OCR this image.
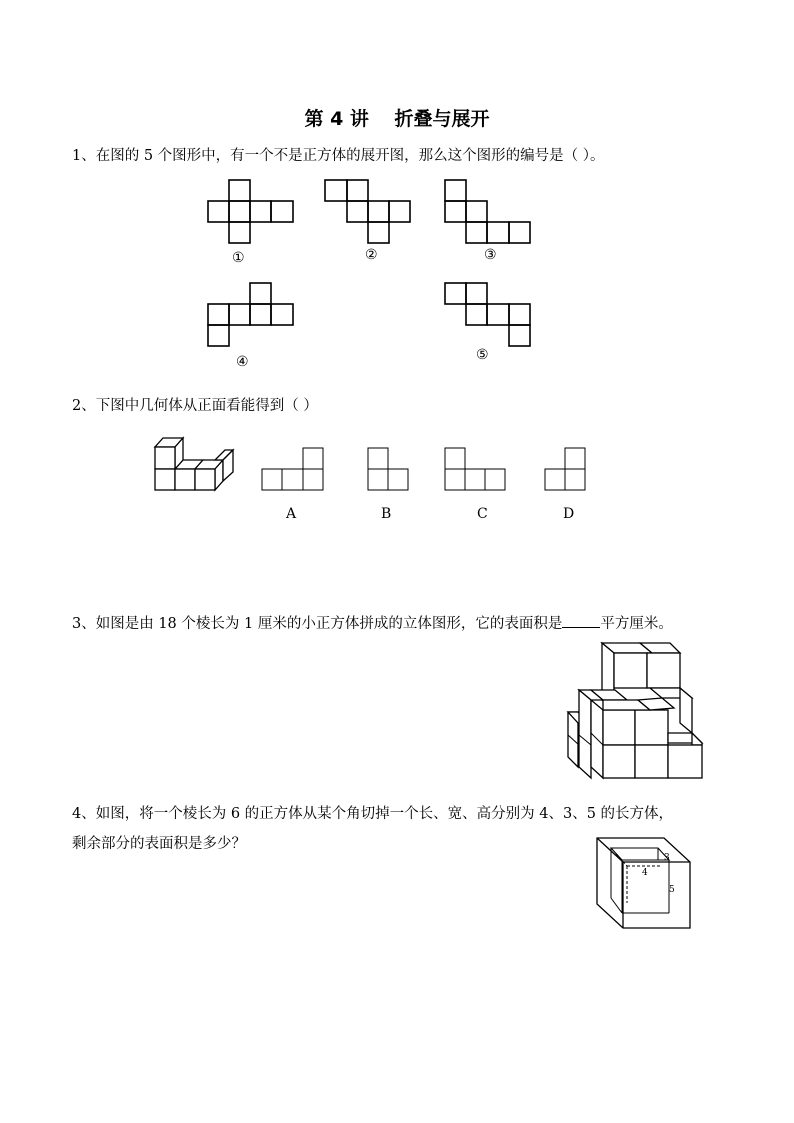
第 4 讲　 折叠与展开
1、在图的 5 个图形中，有一个不是正方体的展开图，那么这个图形的编号是（ ）。
①	②	③
④	⑤
2、下图中几何体从正面看能得到（ ）
A	B	C	D
3、如图是由 18 个棱长为 1 厘米的小正方体拼成的立体图形，它的表面积是	平方厘米。
4、如图，将一个棱长为 6 的正方体从某个角切掉一个长、宽、高分别为 4、3、5 的长方体，
剩余部分的表面积是多少？
3
4
5
